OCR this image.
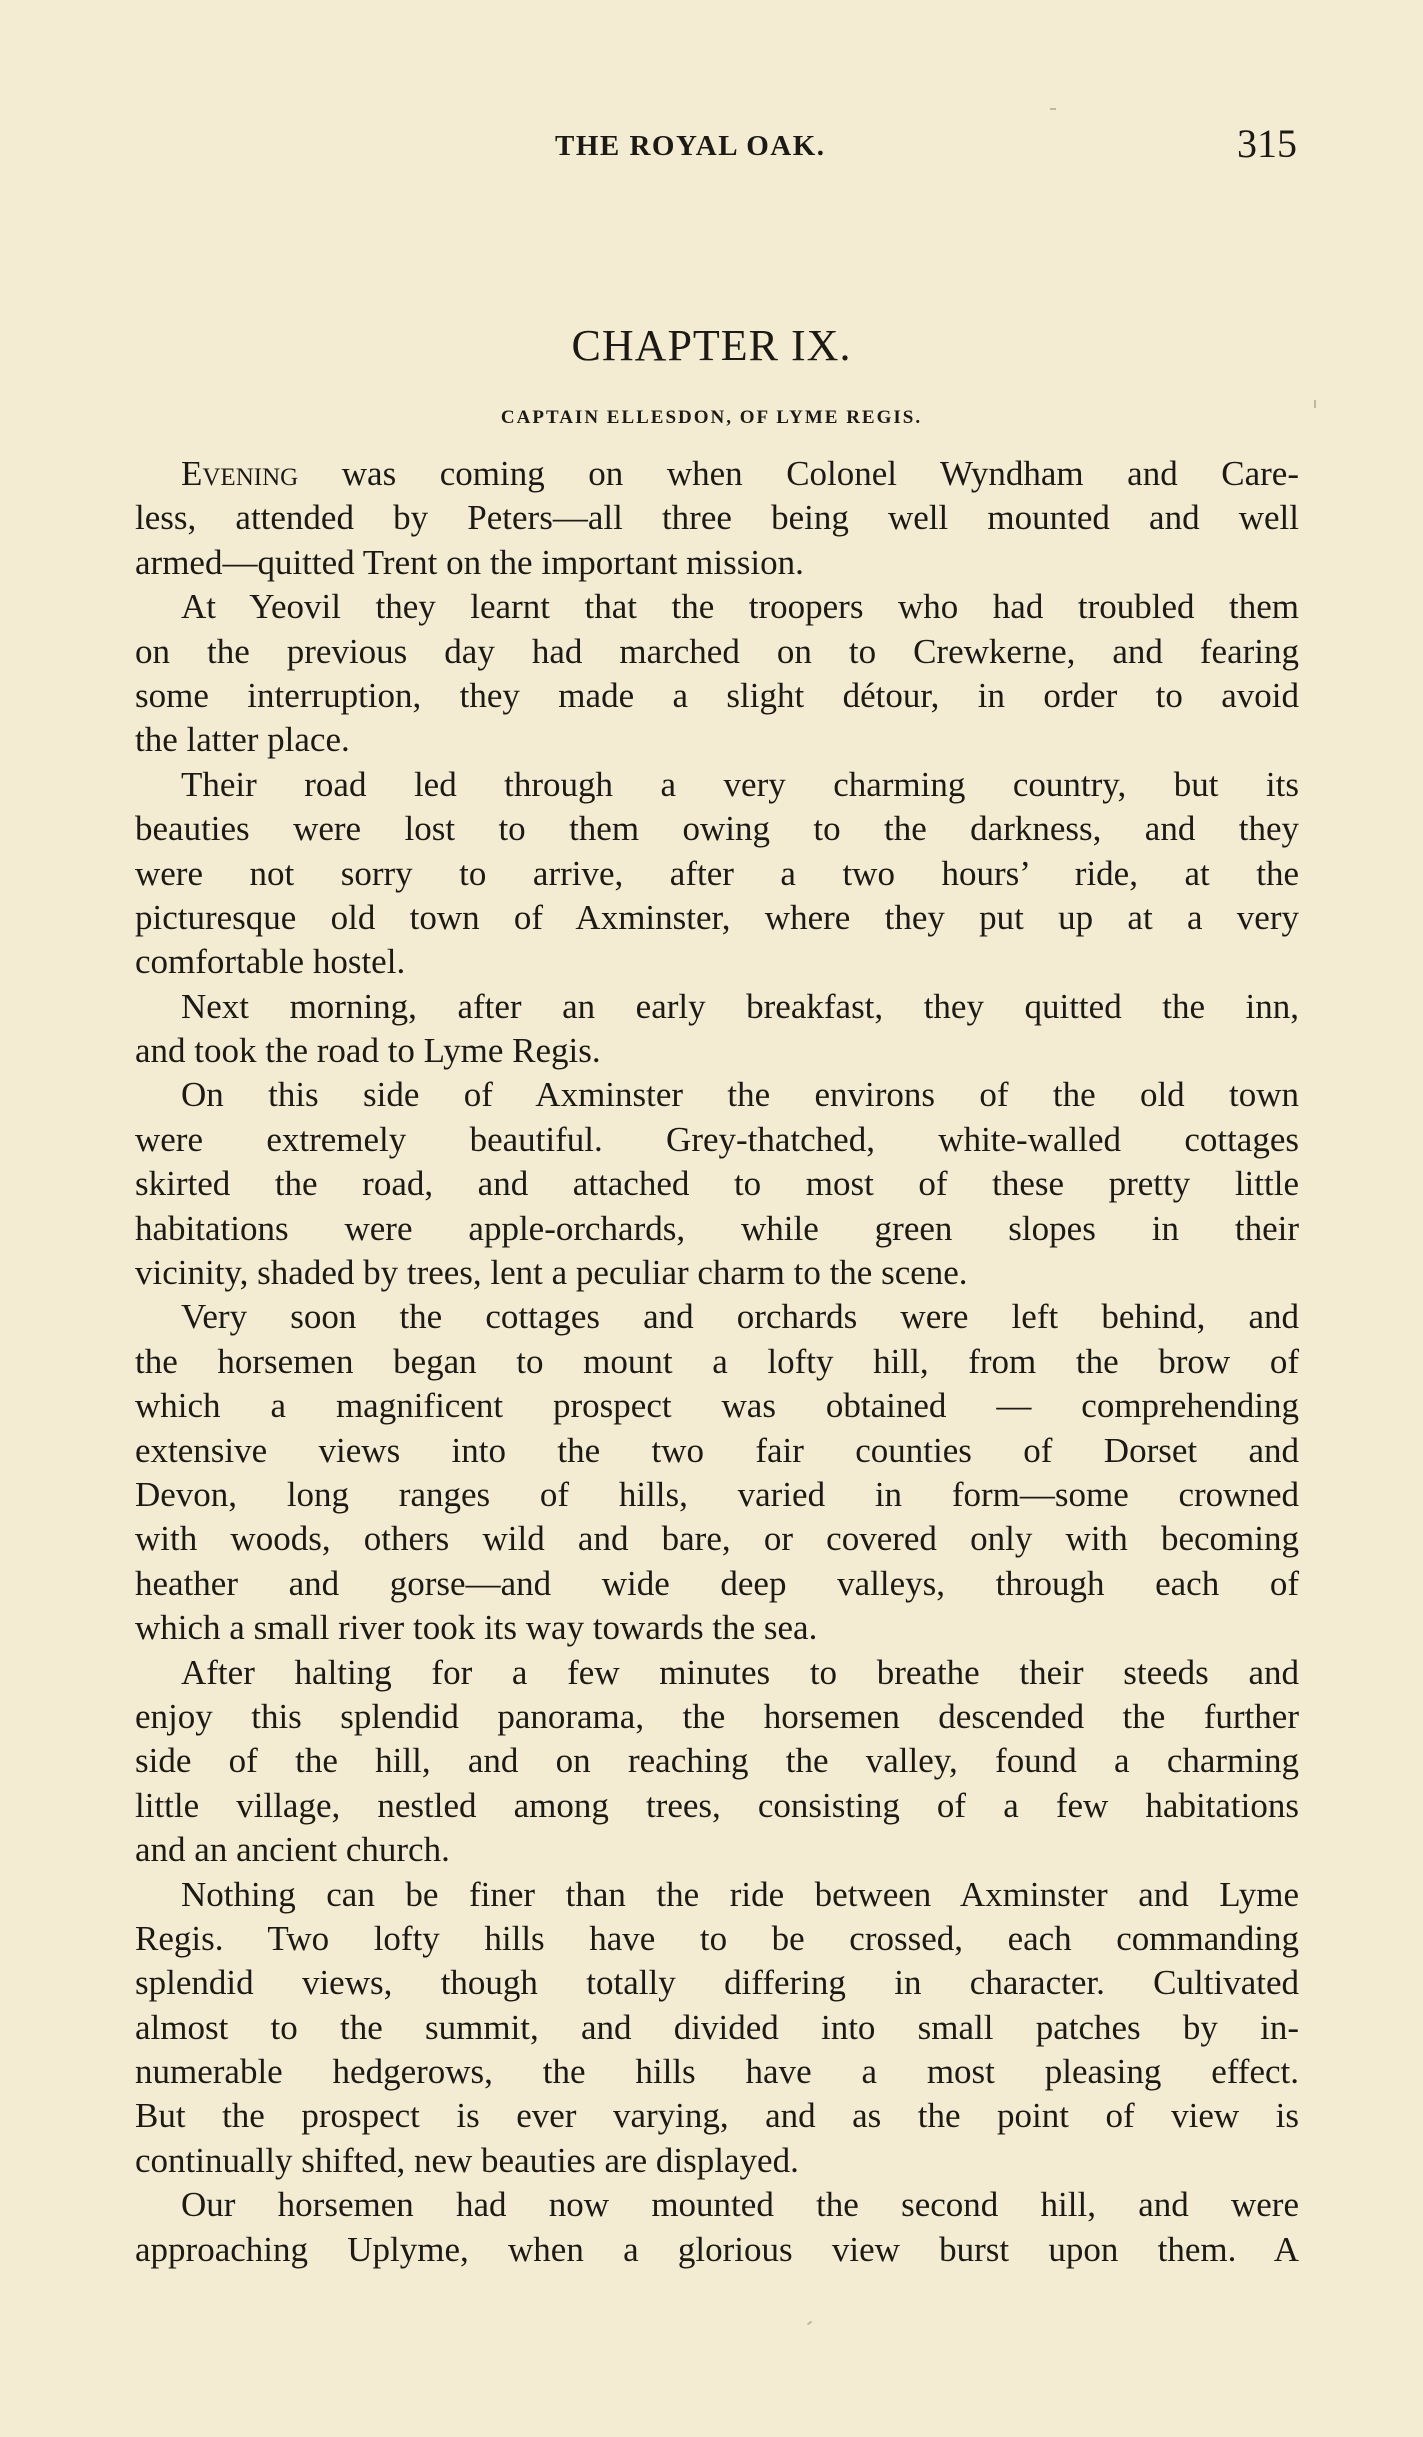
THE ROYAL OAK.	315
CHAPTER IX.
CAPTAIN ELLESDON, OF LYME REGIS.
Evening was coming on when Colonel Wyndham and Care-
less, attended by Peters—all three being well mounted and well
armed—quitted Trent on the important mission.
At Yeovil they learnt that the troopers who had troubled them
on the previous day had marched on to Crewkerne, and fearing
some interruption, they made a slight détour, in order to avoid
the latter place.
Their road led through a very charming country, but its
beauties were lost to them owing to the darkness, and they
were not sorry to arrive, after a two hours’ ride, at the
picturesque old town of Axminster, where they put up at a very
comfortable hostel.
Next morning, after an early breakfast, they quitted the inn,
and took the road to Lyme Regis.
On this side of Axminster the environs of the old town
were extremely beautiful. Grey-thatched, white-walled cottages
skirted the road, and attached to most of these pretty little
habitations were apple-orchards, while green slopes in their
vicinity, shaded by trees, lent a peculiar charm to the scene.
Very soon the cottages and orchards were left behind, and
the horsemen began to mount a lofty hill, from the brow of
which a magnificent prospect was obtained — comprehending
extensive views into the two fair counties of Dorset and
Devon, long ranges of hills, varied in form—some crowned
with woods, others wild and bare, or covered only with becoming
heather and gorse—and wide deep valleys, through each of
which a small river took its way towards the sea.
After halting for a few minutes to breathe their steeds and
enjoy this splendid panorama, the horsemen descended the further
side of the hill, and on reaching the valley, found a charming
little village, nestled among trees, consisting of a few habitations
and an ancient church.
Nothing can be finer than the ride between Axminster and Lyme
Regis. Two lofty hills have to be crossed, each commanding
splendid views, though totally differing in character. Cultivated
almost to the summit, and divided into small patches by in-
numerable hedgerows, the hills have a most pleasing effect.
But the prospect is ever varying, and as the point of view is
continually shifted, new beauties are displayed.
Our horsemen had now mounted the second hill, and were
approaching Uplyme, when a glorious view burst upon them. A
